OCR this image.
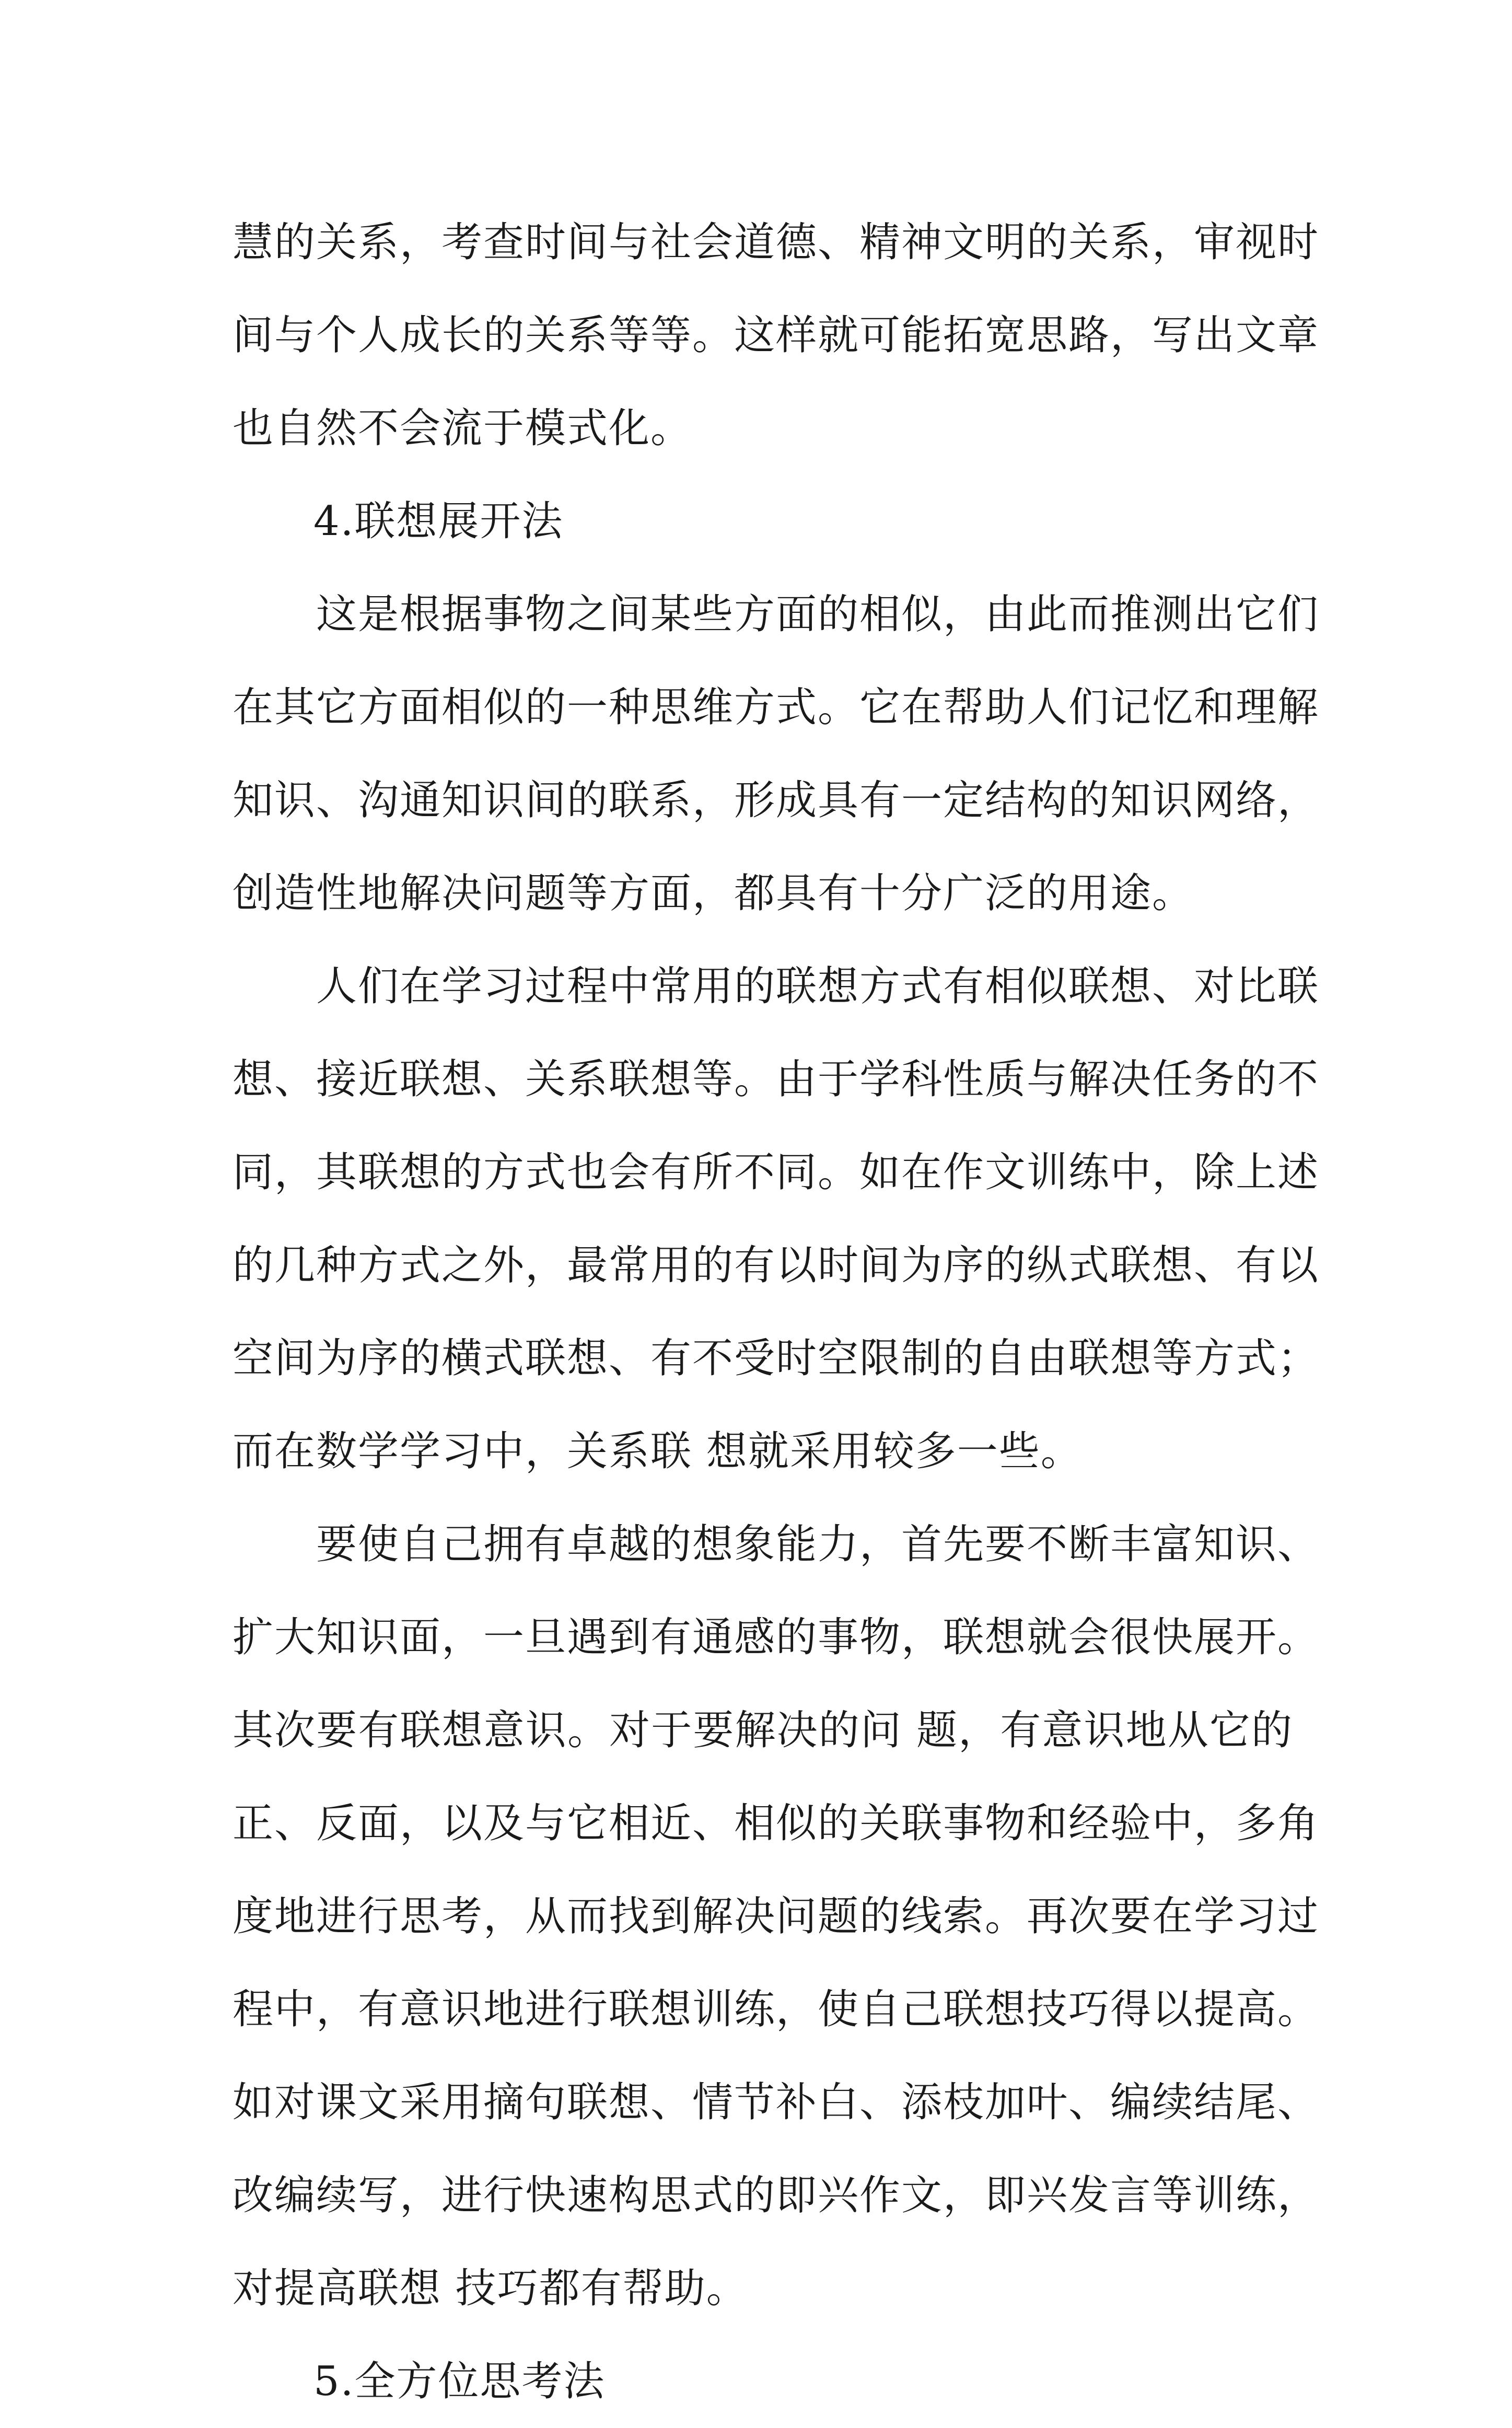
慧的关系，考查时间与社会道德、精神文明的关系，审视时
间与个人成长的关系等等。这样就可能拓宽思路，写出文章
也自然不会流于模式化。
4.联想展开法
这是根据事物之间某些方面的相似，由此而推测出它们
在其它方面相似的一种思维方式。它在帮助人们记忆和理解
知识、沟通知识间的联系，形成具有一定结构的知识网络，
创造性地解决问题等方面，都具有十分广泛的用途。
人们在学习过程中常用的联想方式有相似联想、对比联
想、接近联想、关系联想等。由于学科性质与解决任务的不
同，其联想的方式也会有所不同。如在作文训练中，除上述
的几种方式之外，最常用的有以时间为序的纵式联想、有以
空间为序的横式联想、有不受时空限制的自由联想等方式；
而在数学学习中，关系联 想就采用较多一些。
要使自己拥有卓越的想象能力，首先要不断丰富知识、
扩大知识面，一旦遇到有通感的事物，联想就会很快展开。
其次要有联想意识。对于要解决的问 题，有意识地从它的
正、反面，以及与它相近、相似的关联事物和经验中，多角
度地进行思考，从而找到解决问题的线索。再次要在学习过
程中，有意识地进行联想训练，使自己联想技巧得以提高。
如对课文采用摘句联想、情节补白、添枝加叶、编续结尾、
改编续写，进行快速构思式的即兴作文，即兴发言等训练，
对提高联想 技巧都有帮助。
5.全方位思考法
